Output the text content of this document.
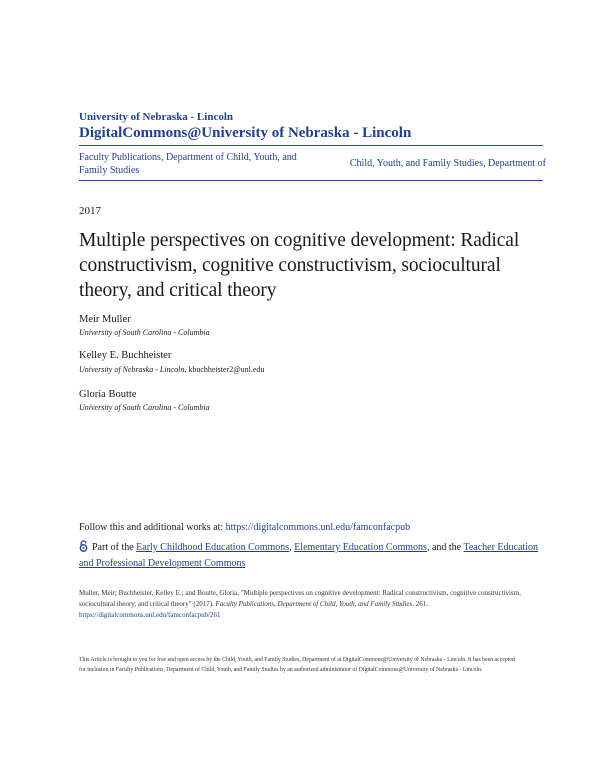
University of Nebraska - Lincoln
DigitalCommons@University of Nebraska - Lincoln
Faculty Publications, Department of Child, Youth, and Family Studies
Child, Youth, and Family Studies, Department of
2017
Multiple perspectives on cognitive development: Radical constructivism, cognitive constructivism, sociocultural theory, and critical theory
Meir Muller
University of South Carolina - Columbia
Kelley E. Buchheister
University of Nebraska - Lincoln, kbuchheister2@unl.edu
Gloria Boutte
University of South Carolina - Columbia
Follow this and additional works at: https://digitalcommons.unl.edu/famconfacpub
Part of the Early Childhood Education Commons, Elementary Education Commons, and the Teacher Education and Professional Development Commons
Muller, Meir; Buchheister, Kelley E.; and Boutte, Gloria, "Multiple perspectives on cognitive development: Radical constructivism, cognitive constructivism, sociocultural theory, and critical theory" (2017). Faculty Publications, Department of Child, Youth, and Family Studies. 261.
https://digitalcommons.unl.edu/famconfacpub/261
This Article is brought to you for free and open access by the Child, Youth, and Family Studies, Department of at DigitalCommons@University of Nebraska - Lincoln. It has been accepted for inclusion in Faculty Publications, Department of Child, Youth, and Family Studies by an authorized administrator of DigitalCommons@University of Nebraska - Lincoln.
